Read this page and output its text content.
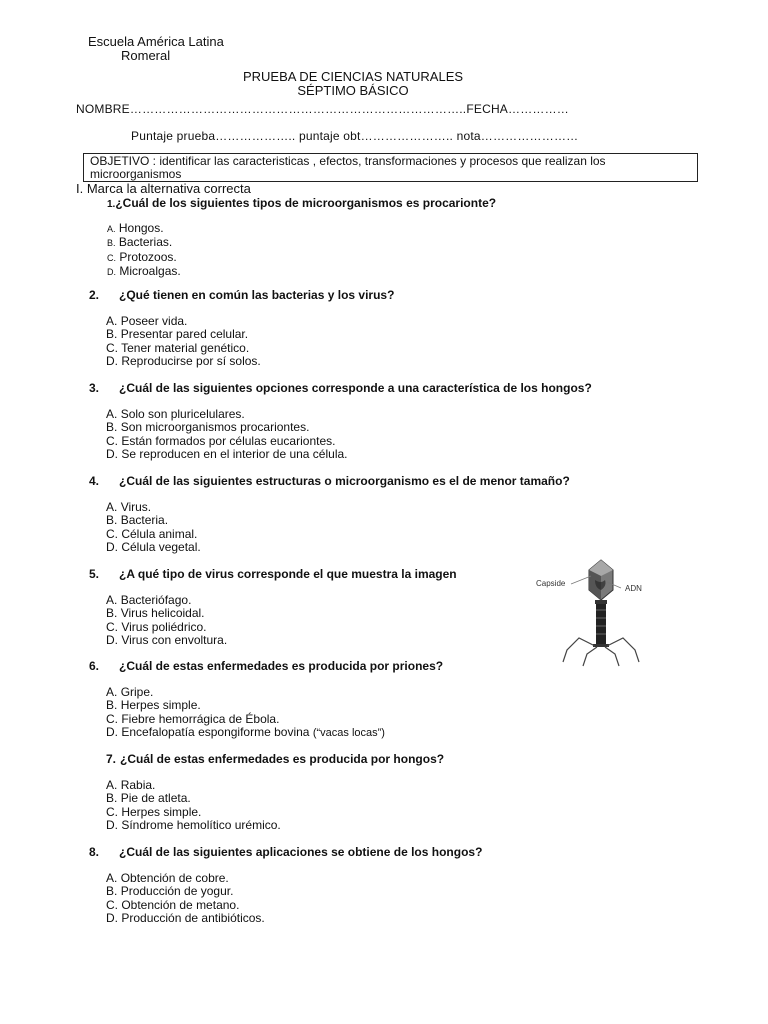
Escuela América Latina
Romeral
PRUEBA DE CIENCIAS NATURALES
SÉPTIMO BÁSICO
NOMBRE………………………………………………………………………..FECHA……………
Puntaje prueba……………….. puntaje obt………………….. nota……………………
OBJETIVO : identificar las caracteristicas , efectos, transformaciones y procesos que realizan los microorganismos
I. Marca la alternativa correcta
1.¿Cuál de los siguientes tipos de microorganismos es procarionte?
A. Hongos.
B. Bacterias.
C. Protozoos.
D. Microalgas.
2. ¿Qué tienen en común las bacterias y los virus?
A. Poseer vida.
B. Presentar pared celular.
C. Tener material genético.
D. Reproducirse por sí solos.
3. ¿Cuál de las siguientes opciones corresponde a una característica de los hongos?
A. Solo son pluricelulares.
B. Son microorganismos procariontes.
C. Están formados por células eucariontes.
D. Se reproducen en el interior de una célula.
4. ¿Cuál de las siguientes estructuras o microorganismo es el de menor tamaño?
A. Virus.
B. Bacteria.
C. Célula animal.
D. Célula vegetal.
5. ¿A qué tipo de virus corresponde el que muestra la imagen
A. Bacteriófago.
B. Virus helicoidal.
C. Virus poliédrico.
D. Virus con envoltura.
Capside
ADN
6. ¿Cuál de estas enfermedades es producida por priones?
A. Gripe.
B. Herpes simple.
C. Fiebre hemorrágica de Ébola.
D. Encefalopatía espongiforme bovina (“vacas locas”)
7. ¿Cuál de estas enfermedades es producida por hongos?
A. Rabia.
B. Pie de atleta.
C. Herpes simple.
D. Síndrome hemolítico urémico.
8. ¿Cuál de las siguientes aplicaciones se obtiene de los hongos?
A. Obtención de cobre.
B. Producción de yogur.
C. Obtención de metano.
D. Producción de antibióticos.
